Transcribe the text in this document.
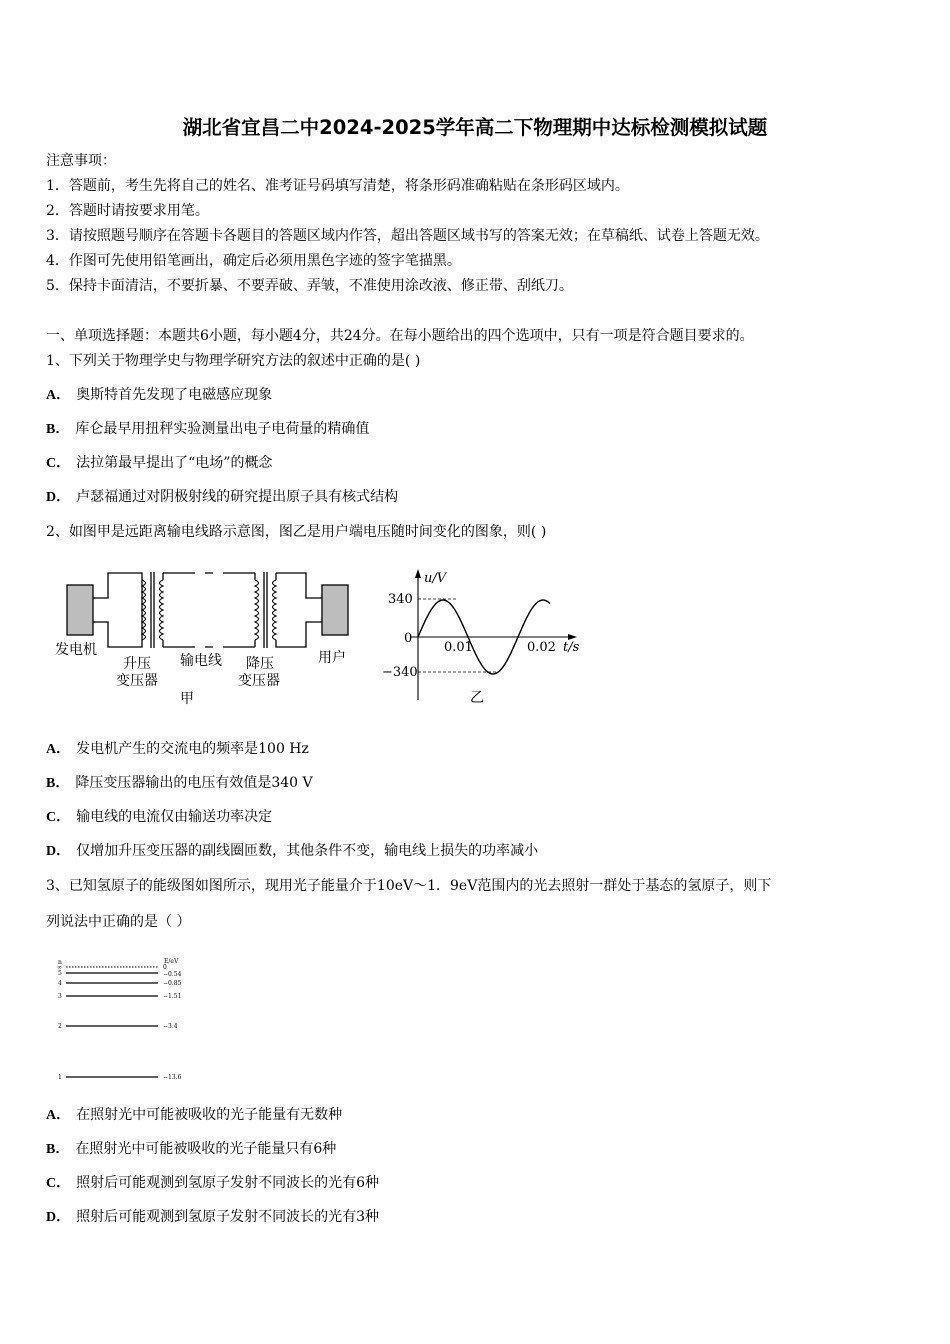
湖北省宜昌二中2024-2025学年高二下物理期中达标检测模拟试题
注意事项：
1．答题前，考生先将自己的姓名、准考证号码填写清楚，将条形码准确粘贴在条形码区域内。
2．答题时请按要求用笔。
3．请按照题号顺序在答题卡各题目的答题区域内作答，超出答题区域书写的答案无效；在草稿纸、试卷上答题无效。
4．作图可先使用铅笔画出，确定后必须用黑色字迹的签字笔描黑。
5．保持卡面清洁，不要折暴、不要弄破、弄皱，不准使用涂改液、修正带、刮纸刀。
一、单项选择题：本题共6小题，每小题4分，共24分。在每小题给出的四个选项中，只有一项是符合题目要求的。
1、下列关于物理学史与物理学研究方法的叙述中正确的是( )
A． 奥斯特首先发现了电磁感应现象
B． 库仑最早用扭秤实验测量出电子电荷量的精确值
C． 法拉第最早提出了“电场”的概念
D． 卢瑟福通过对阴极射线的研究提出原子具有核式结构
2、如图甲是远距离输电线路示意图，图乙是用户端电压随时间变化的图象，则( )
发电机
升压
变压器
输电线 降压
变压器
用户
甲
u/V
340
0
−340
0.01	0.02 t/s
乙
A． 发电机产生的交流电的频率是100 Hz
B． 降压变压器输出的电压有效值是340 V
C． 输电线的电流仅由输送功率决定
D． 仅增加升压变压器的副线圈匝数，其他条件不变，输电线上损失的功率减小
3、已知氢原子的能级图如图所示，现用光子能量介于10eV～1．9eV范围内的光去照射一群处于基态的氢原子，则下
列说法中正确的是（ ）
n	E/eV
∞	0
5	−0.54
4	−0.85
3	−1.51
2	−3.4
1	−13.6
A． 在照射光中可能被吸收的光子能量有无数种
B． 在照射光中可能被吸收的光子能量只有6种
C． 照射后可能观测到氢原子发射不同波长的光有6种
D． 照射后可能观测到氢原子发射不同波长的光有3种
